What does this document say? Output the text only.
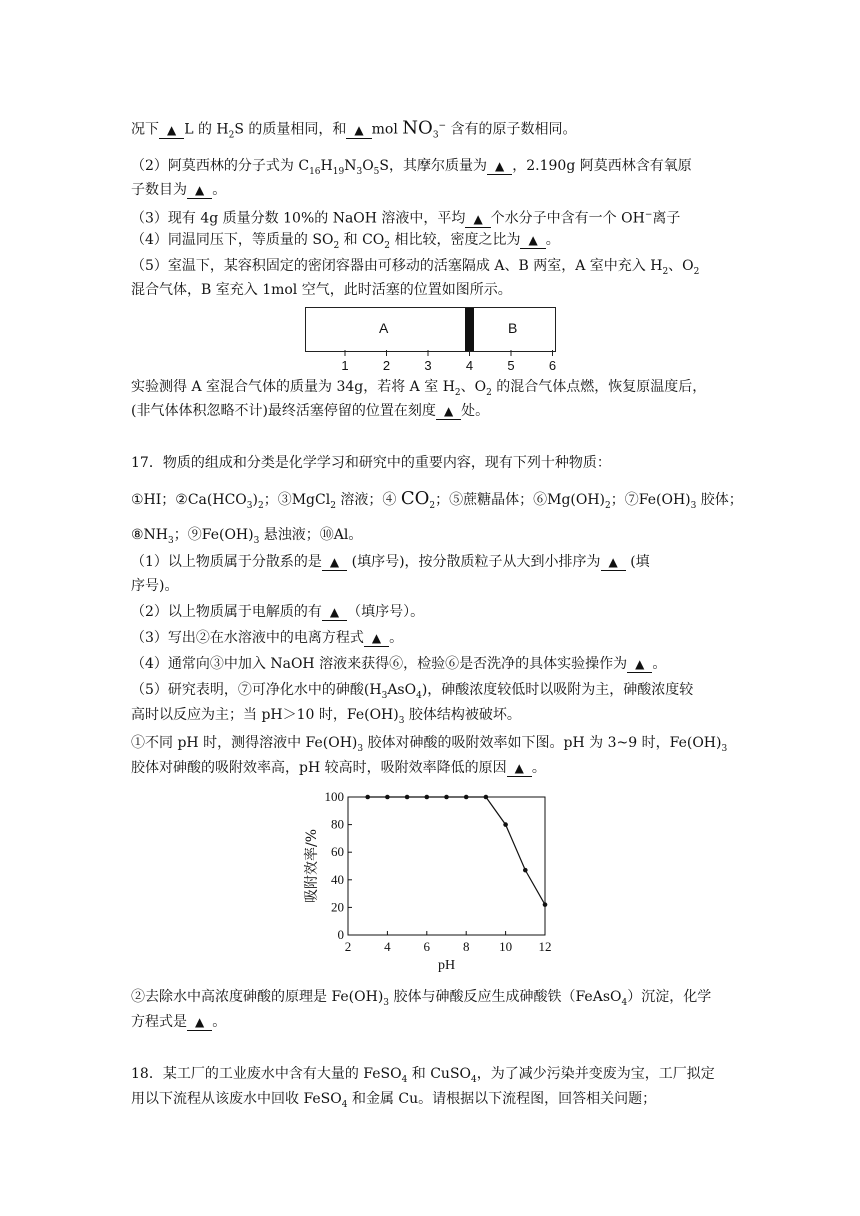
况下 ▲ L 的 $H_2S$ 的质量相同，和 ▲ mol $NO_3^-$ 含有的原子数相同。
（2）阿莫西林的分子式为 $C_{16}H_{19}N_3O_5S$，其摩尔质量为 ▲ ，2.190g 阿莫西林含有氧原
子数目为 ▲ 。
（3）现有 4g 质量分数 10%的 NaOH 溶液中，平均 ▲ 个水分子中含有一个 OH−离子
（4）同温同压下，等质量的 $SO_2$ 和 $CO_2$ 相比较，密度之比为 ▲ 。
（5）室温下，某容积固定的密闭容器由可移动的活塞隔成 A、B 两室，A 室中充入 $H_2$、$O_2$
混合气体，B 室充入 1mol 空气，此时活塞的位置如图所示。
A	B
1	2	3	4	5	6
实验测得 A 室混合气体的质量为 34g，若将 A 室 $H_2$、$O_2$ 的混合气体点燃，恢复原温度后，
(非气体体积忽略不计)最终活塞停留的位置在刻度 ▲ 处。
17．物质的组成和分类是化学学习和研究中的重要内容，现有下列十种物质：
①HI；$②Ca(HCO_3)_2$；③MgCl$_2$ 溶液；④ $CO_2$；⑤蔗糖晶体；$⑥Mg(OH)_2$；$⑦Fe(OH)_3$ 胶体；
$⑧NH_3$；$⑨Fe(OH)_3$ 悬浊液；⑩Al。
（1）以上物质属于分散系的是 ▲ (填序号)，按分散质粒子从大到小排序为 ▲ (填
序号)。
（2）以上物质属于电解质的有 ▲ （填序号）。
（3）写出②在水溶液中的电离方程式 ▲ 。
（4）通常向③中加入 NaOH 溶液来获得⑥，检验⑥是否洗净的具体实验操作为 ▲ 。
（5）研究表明，⑦可净化水中的砷酸$(H_3AsO_4)$，砷酸浓度较低时以吸附为主，砷酸浓度较
高时以反应为主；当 pH＞10 时，$Fe(OH)_3$ 胶体结构被破坏。
①不同 pH 时，测得溶液中 $Fe(OH)_3$ 胶体对砷酸的吸附效率如下图。pH 为 3~9 时，$Fe(OH)_3$
胶体对砷酸的吸附效率高，pH 较高时，吸附效率降低的原因 ▲ 。
2	4	6	8 10 12
0
20
40
60
80
100
pH
吸附效率/%
②去除水中高浓度砷酸的原理是 $Fe(OH)_3$ 胶体与砷酸反应生成砷酸铁（FeAsO$_4$）沉淀，化学
方程式是 ▲ 。
18．某工厂的工业废水中含有大量的 FeSO$_4$ 和 CuSO$_4$，为了减少污染并变废为宝，工厂拟定
用以下流程从该废水中回收 FeSO$_4$ 和金属 Cu。请根据以下流程图，回答相关问题；
